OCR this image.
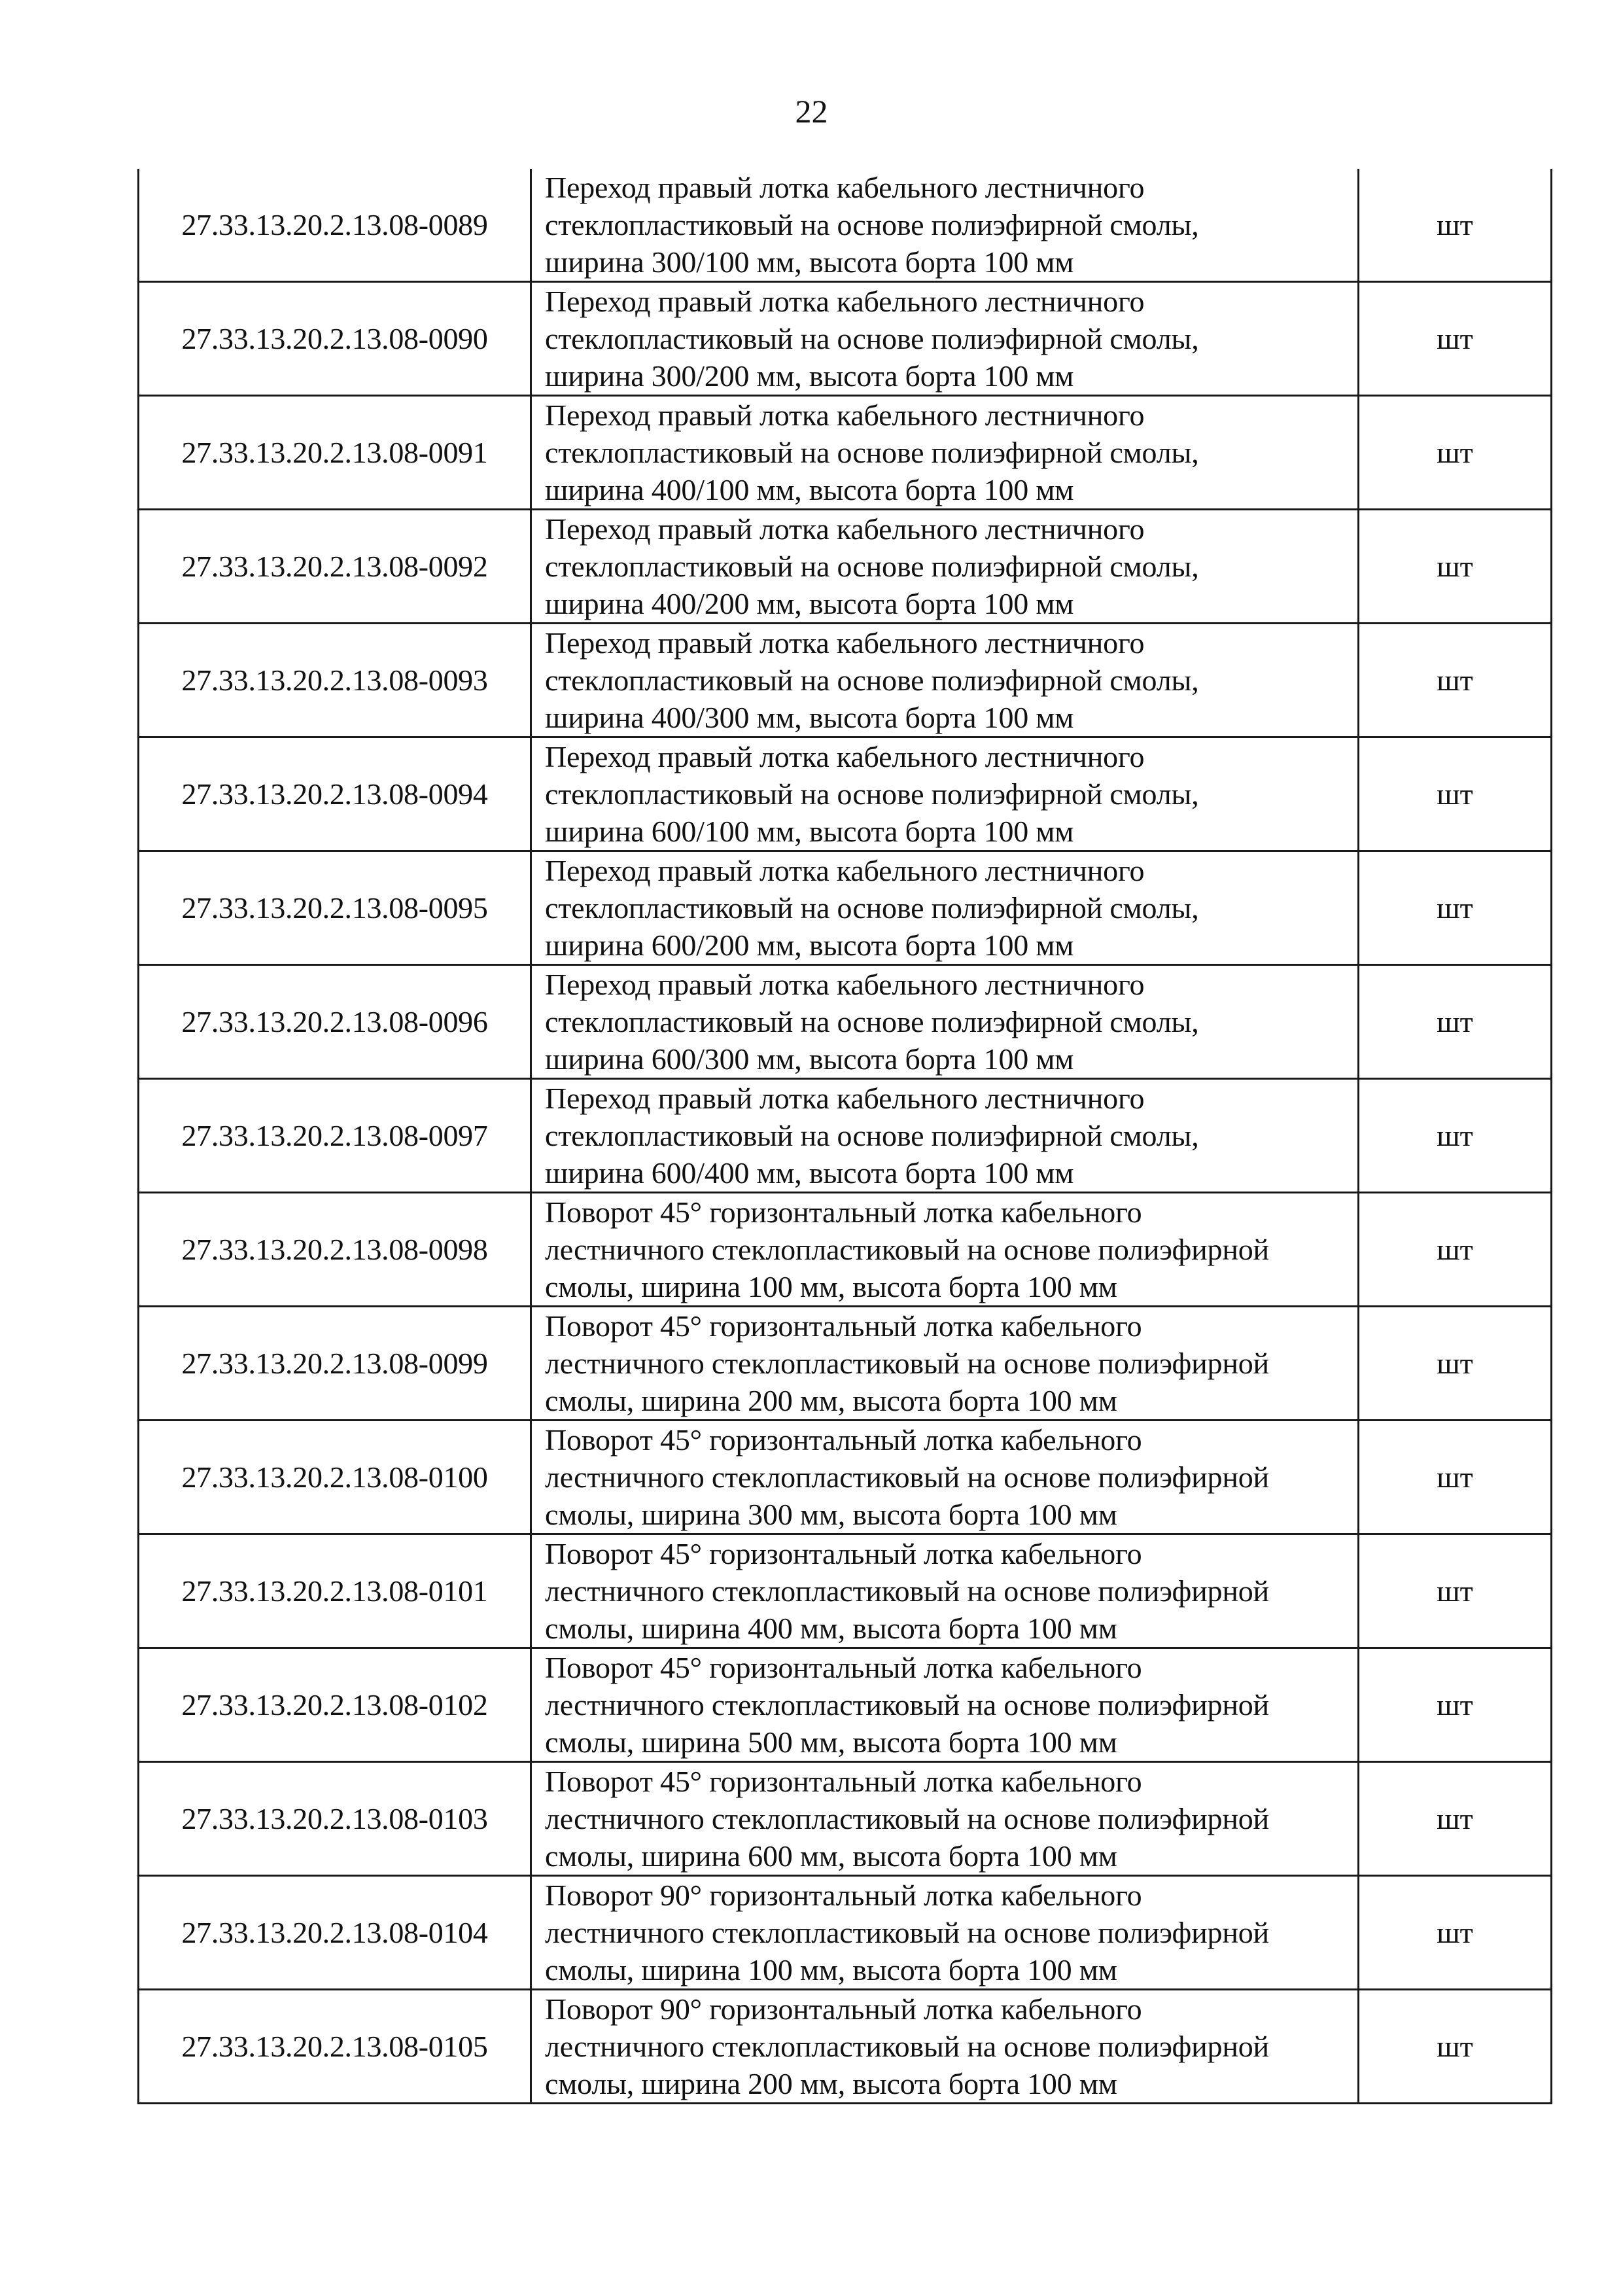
22
27.33.13.20.2.13.08-0089	Переход правый лотка кабельного лестничного
стеклопластиковый на основе полиэфирной смолы,
ширина 300/100 мм, высота борта 100 мм	шт
27.33.13.20.2.13.08-0090	Переход правый лотка кабельного лестничного
стеклопластиковый на основе полиэфирной смолы,
ширина 300/200 мм, высота борта 100 мм	шт
27.33.13.20.2.13.08-0091	Переход правый лотка кабельного лестничного
стеклопластиковый на основе полиэфирной смолы,
ширина 400/100 мм, высота борта 100 мм	шт
27.33.13.20.2.13.08-0092	Переход правый лотка кабельного лестничного
стеклопластиковый на основе полиэфирной смолы,
ширина 400/200 мм, высота борта 100 мм	шт
27.33.13.20.2.13.08-0093	Переход правый лотка кабельного лестничного
стеклопластиковый на основе полиэфирной смолы,
ширина 400/300 мм, высота борта 100 мм	шт
27.33.13.20.2.13.08-0094	Переход правый лотка кабельного лестничного
стеклопластиковый на основе полиэфирной смолы,
ширина 600/100 мм, высота борта 100 мм	шт
27.33.13.20.2.13.08-0095	Переход правый лотка кабельного лестничного
стеклопластиковый на основе полиэфирной смолы,
ширина 600/200 мм, высота борта 100 мм	шт
27.33.13.20.2.13.08-0096	Переход правый лотка кабельного лестничного
стеклопластиковый на основе полиэфирной смолы,
ширина 600/300 мм, высота борта 100 мм	шт
27.33.13.20.2.13.08-0097	Переход правый лотка кабельного лестничного
стеклопластиковый на основе полиэфирной смолы,
ширина 600/400 мм, высота борта 100 мм	шт
27.33.13.20.2.13.08-0098	Поворот 45° горизонтальный лотка кабельного
лестничного стеклопластиковый на основе полиэфирной
смолы, ширина 100 мм, высота борта 100 мм	шт
27.33.13.20.2.13.08-0099	Поворот 45° горизонтальный лотка кабельного
лестничного стеклопластиковый на основе полиэфирной
смолы, ширина 200 мм, высота борта 100 мм	шт
27.33.13.20.2.13.08-0100	Поворот 45° горизонтальный лотка кабельного
лестничного стеклопластиковый на основе полиэфирной
смолы, ширина 300 мм, высота борта 100 мм	шт
27.33.13.20.2.13.08-0101	Поворот 45° горизонтальный лотка кабельного
лестничного стеклопластиковый на основе полиэфирной
смолы, ширина 400 мм, высота борта 100 мм	шт
27.33.13.20.2.13.08-0102	Поворот 45° горизонтальный лотка кабельного
лестничного стеклопластиковый на основе полиэфирной
смолы, ширина 500 мм, высота борта 100 мм	шт
27.33.13.20.2.13.08-0103	Поворот 45° горизонтальный лотка кабельного
лестничного стеклопластиковый на основе полиэфирной
смолы, ширина 600 мм, высота борта 100 мм	шт
27.33.13.20.2.13.08-0104	Поворот 90° горизонтальный лотка кабельного
лестничного стеклопластиковый на основе полиэфирной
смолы, ширина 100 мм, высота борта 100 мм	шт
27.33.13.20.2.13.08-0105	Поворот 90° горизонтальный лотка кабельного
лестничного стеклопластиковый на основе полиэфирной
смолы, ширина 200 мм, высота борта 100 мм	шт
